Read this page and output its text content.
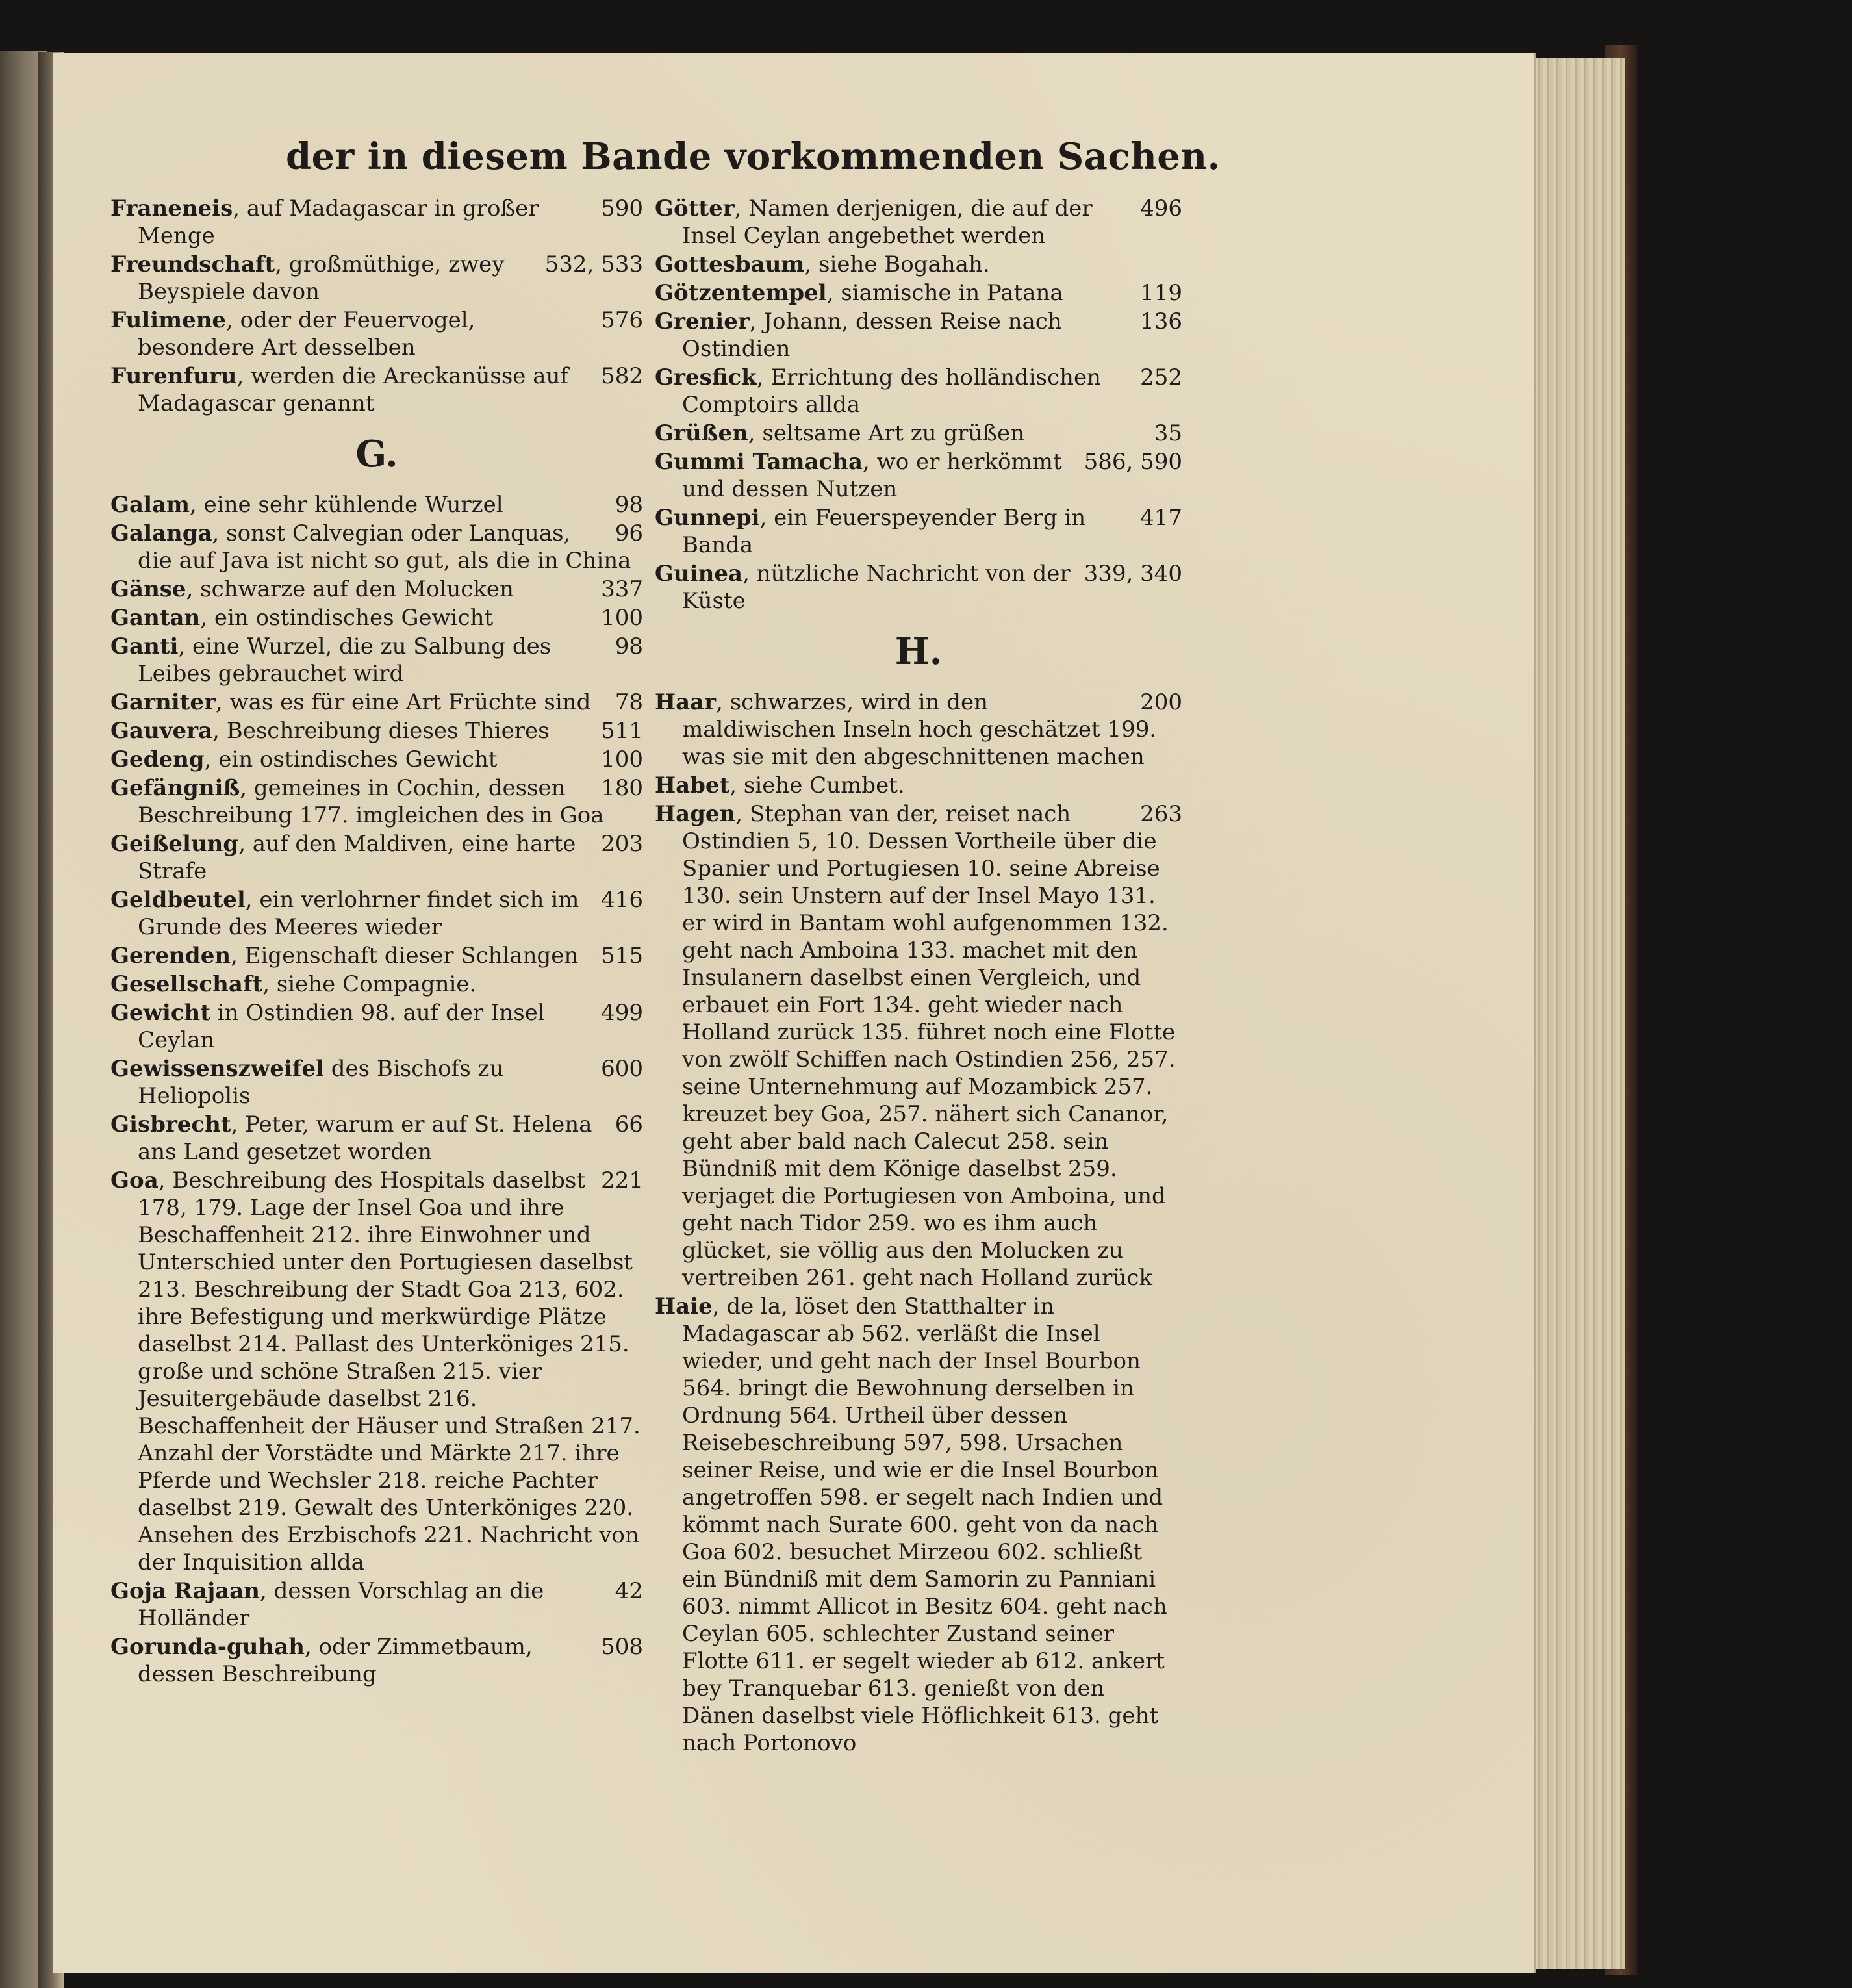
der in diesem Bande vorkommenden Sachen.
590
Franeneis, auf Madagascar in großer Menge
532, 533
Freundschaft, großmüthige, zwey Beyspiele davon
576
Fulimene, oder der Feuervogel, besondere Art desselben
582
Furenfuru, werden die Areckanüsse auf Madagascar genannt
G.
98
Galam, eine sehr kühlende Wurzel
96
Galanga, sonst Calvegian oder Lanquas, die auf Java ist nicht so gut, als die in China
337
Gänse, schwarze auf den Molucken
100
Gantan, ein ostindisches Gewicht
98
Ganti, eine Wurzel, die zu Salbung des Leibes gebrauchet wird
78
Garniter, was es für eine Art Früchte sind
511
Gauvera, Beschreibung dieses Thieres
100
Gedeng, ein ostindisches Gewicht
180
Gefängniß, gemeines in Cochin, dessen Beschreibung 177. imgleichen des in Goa
203
Geißelung, auf den Maldiven, eine harte Strafe
416
Geldbeutel, ein verlohrner findet sich im Grunde des Meeres wieder
515
Gerenden, Eigenschaft dieser Schlangen
Gesellschaft, siehe Compagnie.
499
Gewicht in Ostindien 98. auf der Insel Ceylan
600
Gewissenszweifel des Bischofs zu Heliopolis
66
Gisbrecht, Peter, warum er auf St. Helena ans Land gesetzet worden
221
Goa, Beschreibung des Hospitals daselbst 178, 179. Lage der Insel Goa und ihre Beschaffenheit 212. ihre Einwohner und Unterschied unter den Portugiesen daselbst 213. Beschreibung der Stadt Goa 213, 602. ihre Befestigung und merkwürdige Plätze daselbst 214. Pallast des Unterköniges 215. große und schöne Straßen 215. vier Jesuitergebäude daselbst 216. Beschaffenheit der Häuser und Straßen 217. Anzahl der Vorstädte und Märkte 217. ihre Pferde und Wechsler 218. reiche Pachter daselbst 219. Gewalt des Unterköniges 220. Ansehen des Erzbischofs 221. Nachricht von der Inquisition allda
42
Goja Rajaan, dessen Vorschlag an die Holländer
508
Gorunda-guhah, oder Zimmetbaum, dessen Beschreibung
496
Götter, Namen derjenigen, die auf der Insel Ceylan angebethet werden
Gottesbaum, siehe Bogahah.
119
Götzentempel, siamische in Patana
136
Grenier, Johann, dessen Reise nach Ostindien
252
Gresfick, Errichtung des holländischen Comptoirs allda
35
Grüßen, seltsame Art zu grüßen
586, 590
Gummi Tamacha, wo er herkömmt und dessen Nutzen
417
Gunnepi, ein Feuerspeyender Berg in Banda
339, 340
Guinea, nützliche Nachricht von der Küste
H.
200
Haar, schwarzes, wird in den maldiwischen Inseln hoch geschätzet 199. was sie mit den abgeschnittenen machen
Habet, siehe Cumbet.
263
Hagen, Stephan van der, reiset nach Ostindien 5, 10. Dessen Vortheile über die Spanier und Portugiesen 10. seine Abreise 130. sein Unstern auf der Insel Mayo 131. er wird in Bantam wohl aufgenommen 132. geht nach Amboina 133. machet mit den Insulanern daselbst einen Vergleich, und erbauet ein Fort 134. geht wieder nach Holland zurück 135. führet noch eine Flotte von zwölf Schiffen nach Ostindien 256, 257. seine Unternehmung auf Mozambick 257. kreuzet bey Goa, 257. nähert sich Cananor, geht aber bald nach Calecut 258. sein Bündniß mit dem Könige daselbst 259. verjaget die Portugiesen von Amboina, und geht nach Tidor 259. wo es ihm auch glücket, sie völlig aus den Molucken zu vertreiben 261. geht nach Holland zurück
Haie, de la, löset den Statthalter in Madagascar ab 562. verläßt die Insel wieder, und geht nach der Insel Bourbon 564. bringt die Bewohnung derselben in Ordnung 564. Urtheil über dessen Reisebeschreibung 597, 598. Ursachen seiner Reise, und wie er die Insel Bourbon angetroffen 598. er segelt nach Indien und kömmt nach Surate 600. geht von da nach Goa 602. besuchet Mirzeou 602. schließt ein Bündniß mit dem Samorin zu Panniani 603. nimmt Allicot in Besitz 604. geht nach Ceylan 605. schlechter Zustand seiner Flotte 611. er segelt wieder ab 612. ankert bey Tranquebar 613. genießt von den Dänen daselbst viele Höflichkeit 613. geht nach Portonovo
